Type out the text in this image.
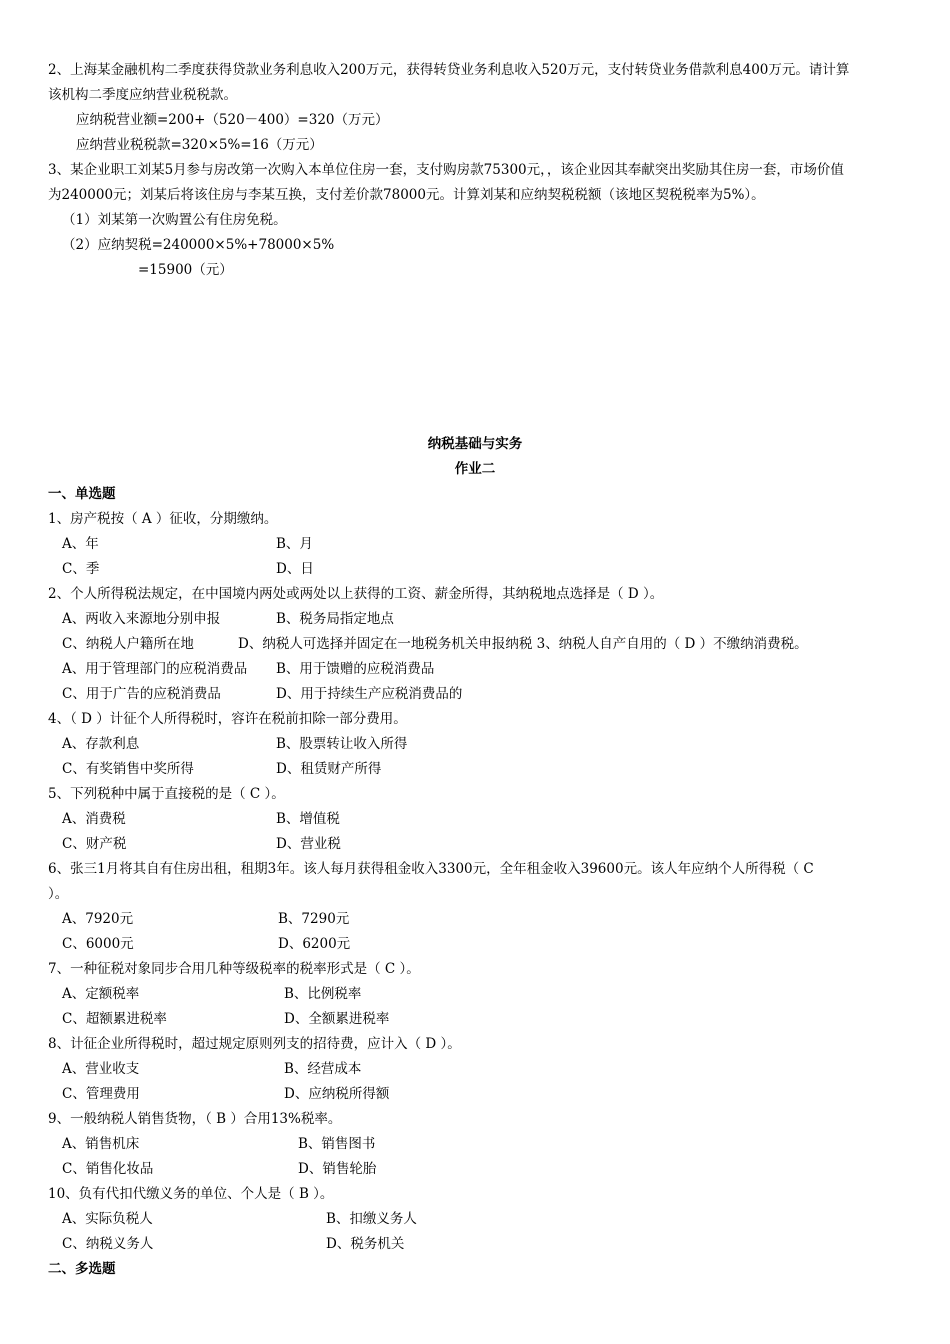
2、上海某金融机构二季度获得贷款业务利息收入200万元，获得转贷业务利息收入520万元，支付转贷业务借款利息400万元。请计算
该机构二季度应纳营业税税款。
应纳税营业额=200+（520－400）=320（万元）
应纳营业税税款=320×5%=16（万元）
3、某企业职工刘某5月参与房改第一次购入本单位住房一套，支付购房款75300元，，该企业因其奉献突出奖励其住房一套，市场价值
为240000元；刘某后将该住房与李某互换，支付差价款78000元。计算刘某和应纳契税税额（该地区契税税率为5%）。
（1）刘某第一次购置公有住房免税。
（2）应纳契税=240000×5%+78000×5%
=15900（元）
纳税基础与实务
作业二
一、单选题
1、房产税按（ A ）征收，分期缴纳。
A、年	B、月
C、季	D、日
2、个人所得税法规定，在中国境内两处或两处以上获得的工资、薪金所得，其纳税地点选择是（ D ）。
A、两收入来源地分别申报	B、税务局指定地点
C、纳税人户籍所在地	D、纳税人可选择并固定在一地税务机关申报纳税 3、纳税人自产自用的（ D ）不缴纳消费税。
A、用于管理部门的应税消费品 B、用于馈赠的应税消费品
C、用于广告的应税消费品	D、用于持续生产应税消费品的
4、（ D ）计征个人所得税时，容许在税前扣除一部分费用。
A、存款利息	B、股票转让收入所得
C、有奖销售中奖所得	D、租赁财产所得
5、下列税种中属于直接税的是（ C ）。
A、消费税	B、增值税
C、财产税	D、营业税
6、张三1月将其自有住房出租，租期3年。该人每月获得租金收入3300元，全年租金收入39600元。该人年应纳个人所得税（ C
）。
A、7920元	B、7290元
C、6000元	D、6200元
7、一种征税对象同步合用几种等级税率的税率形式是（ C ）。
A、定额税率	B、比例税率
C、超额累进税率	D、全额累进税率
8、计征企业所得税时，超过规定原则列支的招待费，应计入（ D ）。
A、营业收支	B、经营成本
C、管理费用	D、应纳税所得额
9、一般纳税人销售货物，（ B ）合用13%税率。
A、销售机床	B、销售图书
C、销售化妆品	D、销售轮胎
10、负有代扣代缴义务的单位、个人是（ B ）。
A、实际负税人	B、扣缴义务人
C、纳税义务人	D、税务机关
二、多选题
